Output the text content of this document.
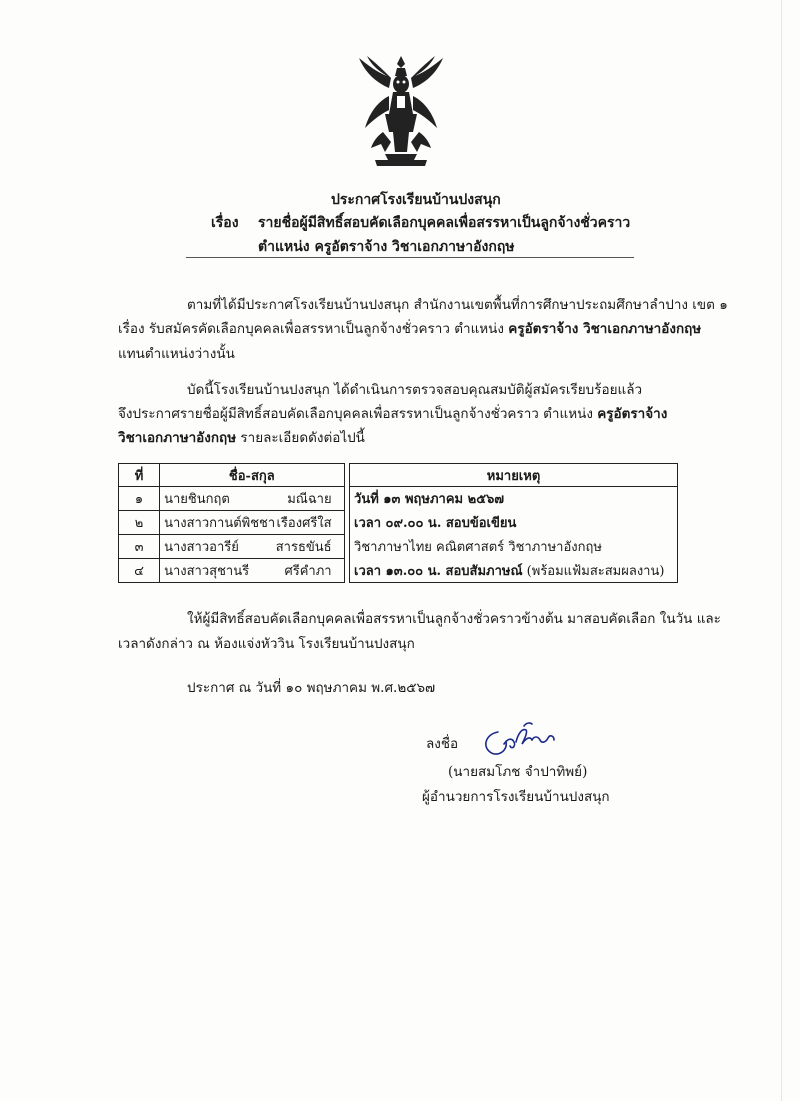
ประกาศโรงเรียนบ้านปงสนุก
เรื่อง รายชื่อผู้มีสิทธิ์สอบคัดเลือกบุคคลเพื่อสรรหาเป็นลูกจ้างชั่วคราว
ตำแหน่ง ครูอัตราจ้าง วิชาเอกภาษาอังกฤษ
ตามที่ได้มีประกาศโรงเรียนบ้านปงสนุก สำนักงานเขตพื้นที่การศึกษาประถมศึกษาลำปาง เขต ๑
เรื่อง รับสมัครคัดเลือกบุคคลเพื่อสรรหาเป็นลูกจ้างชั่วคราว ตำแหน่ง ครูอัตราจ้าง วิชาเอกภาษาอังกฤษ
แทนตำแหน่งว่างนั้น
บัดนี้โรงเรียนบ้านปงสนุก ได้ดำเนินการตรวจสอบคุณสมบัติผู้สมัครเรียบร้อยแล้ว
จึงประกาศรายชื่อผู้มีสิทธิ์สอบคัดเลือกบุคคลเพื่อสรรหาเป็นลูกจ้างชั่วคราว ตำแหน่ง ครูอัตราจ้าง
วิชาเอกภาษาอังกฤษ รายละเอียดดังต่อไปนี้
ที่	ชื่อ-สกุล		หมายเหตุ
๑	นายชินกฤต มณีฉาย		วันที่ ๑๓ พฤษภาคม ๒๕๖๗
๒	นางสาวกานต์พิชชา เรืองศรีใส		เวลา ๐๙.๐๐ น. สอบข้อเขียน
๓	นางสาวอารีย์ สารธขันธ์		วิชาภาษาไทย คณิตศาสตร์ วิชาภาษาอังกฤษ
๔	นางสาวสุชานรี ศรีคำภา		เวลา ๑๓.๐๐ น. สอบสัมภาษณ์ (พร้อมแฟ้มสะสมผลงาน)
ให้ผู้มีสิทธิ์สอบคัดเลือกบุคคลเพื่อสรรหาเป็นลูกจ้างชั่วคราวข้างต้น มาสอบคัดเลือก ในวัน และ
เวลาดังกล่าว ณ ห้องแจ่งหัววิน โรงเรียนบ้านปงสนุก
ประกาศ ณ วันที่ ๑๐ พฤษภาคม พ.ศ.๒๕๖๗
ลงชื่อ
(นายสมโภช จำปาทิพย์)
ผู้อำนวยการโรงเรียนบ้านปงสนุก
